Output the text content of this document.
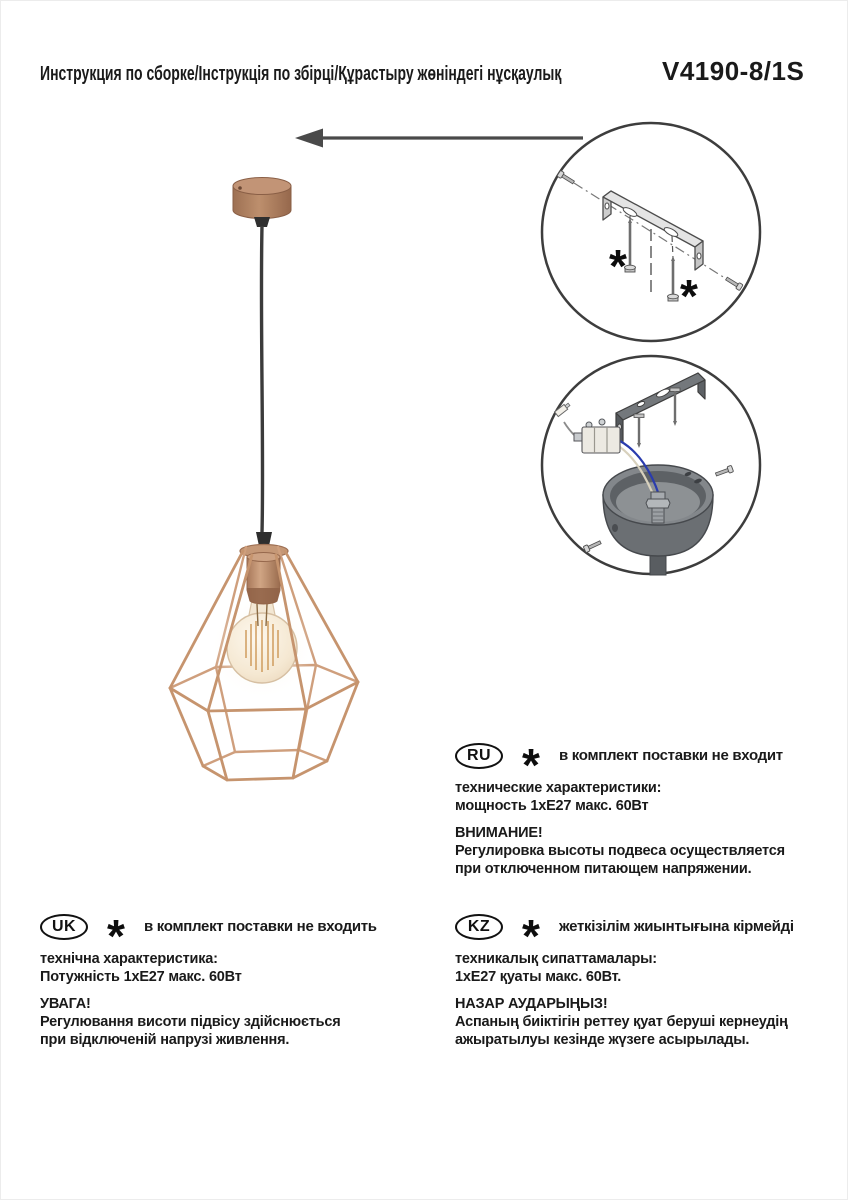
Инструкция по сборке/Інструкція по збірці/Құрастыру жөніндегі нұсқаулық	V4190-8/1S
*
*
RU *	в комплект поставки не входит

технические характеристики:

мощность 1хЕ27 макс. 60Вт

ВНИМАНИЕ!

Регулировка высоты подвеса осуществляется

при отключенном питающем напряжении.

UK *	в комплект поставки не входить

технічна характеристика:

Потужність 1хЕ27 макс. 60Вт

УВАГА!

Регулювання висоти підвісу здійснюється

при відключеній напрузі живлення.

KZ *	жеткізілім жиынтығына кірмейді

техникалық сипаттамалары:

1хЕ27 қуаты макс. 60Вт.

НАЗАР АУДАРЫҢЫЗ!

Аспаның биіктігін реттеу қуат беруші кернеудің

ажыратылуы кезінде жүзеге асырылады.
